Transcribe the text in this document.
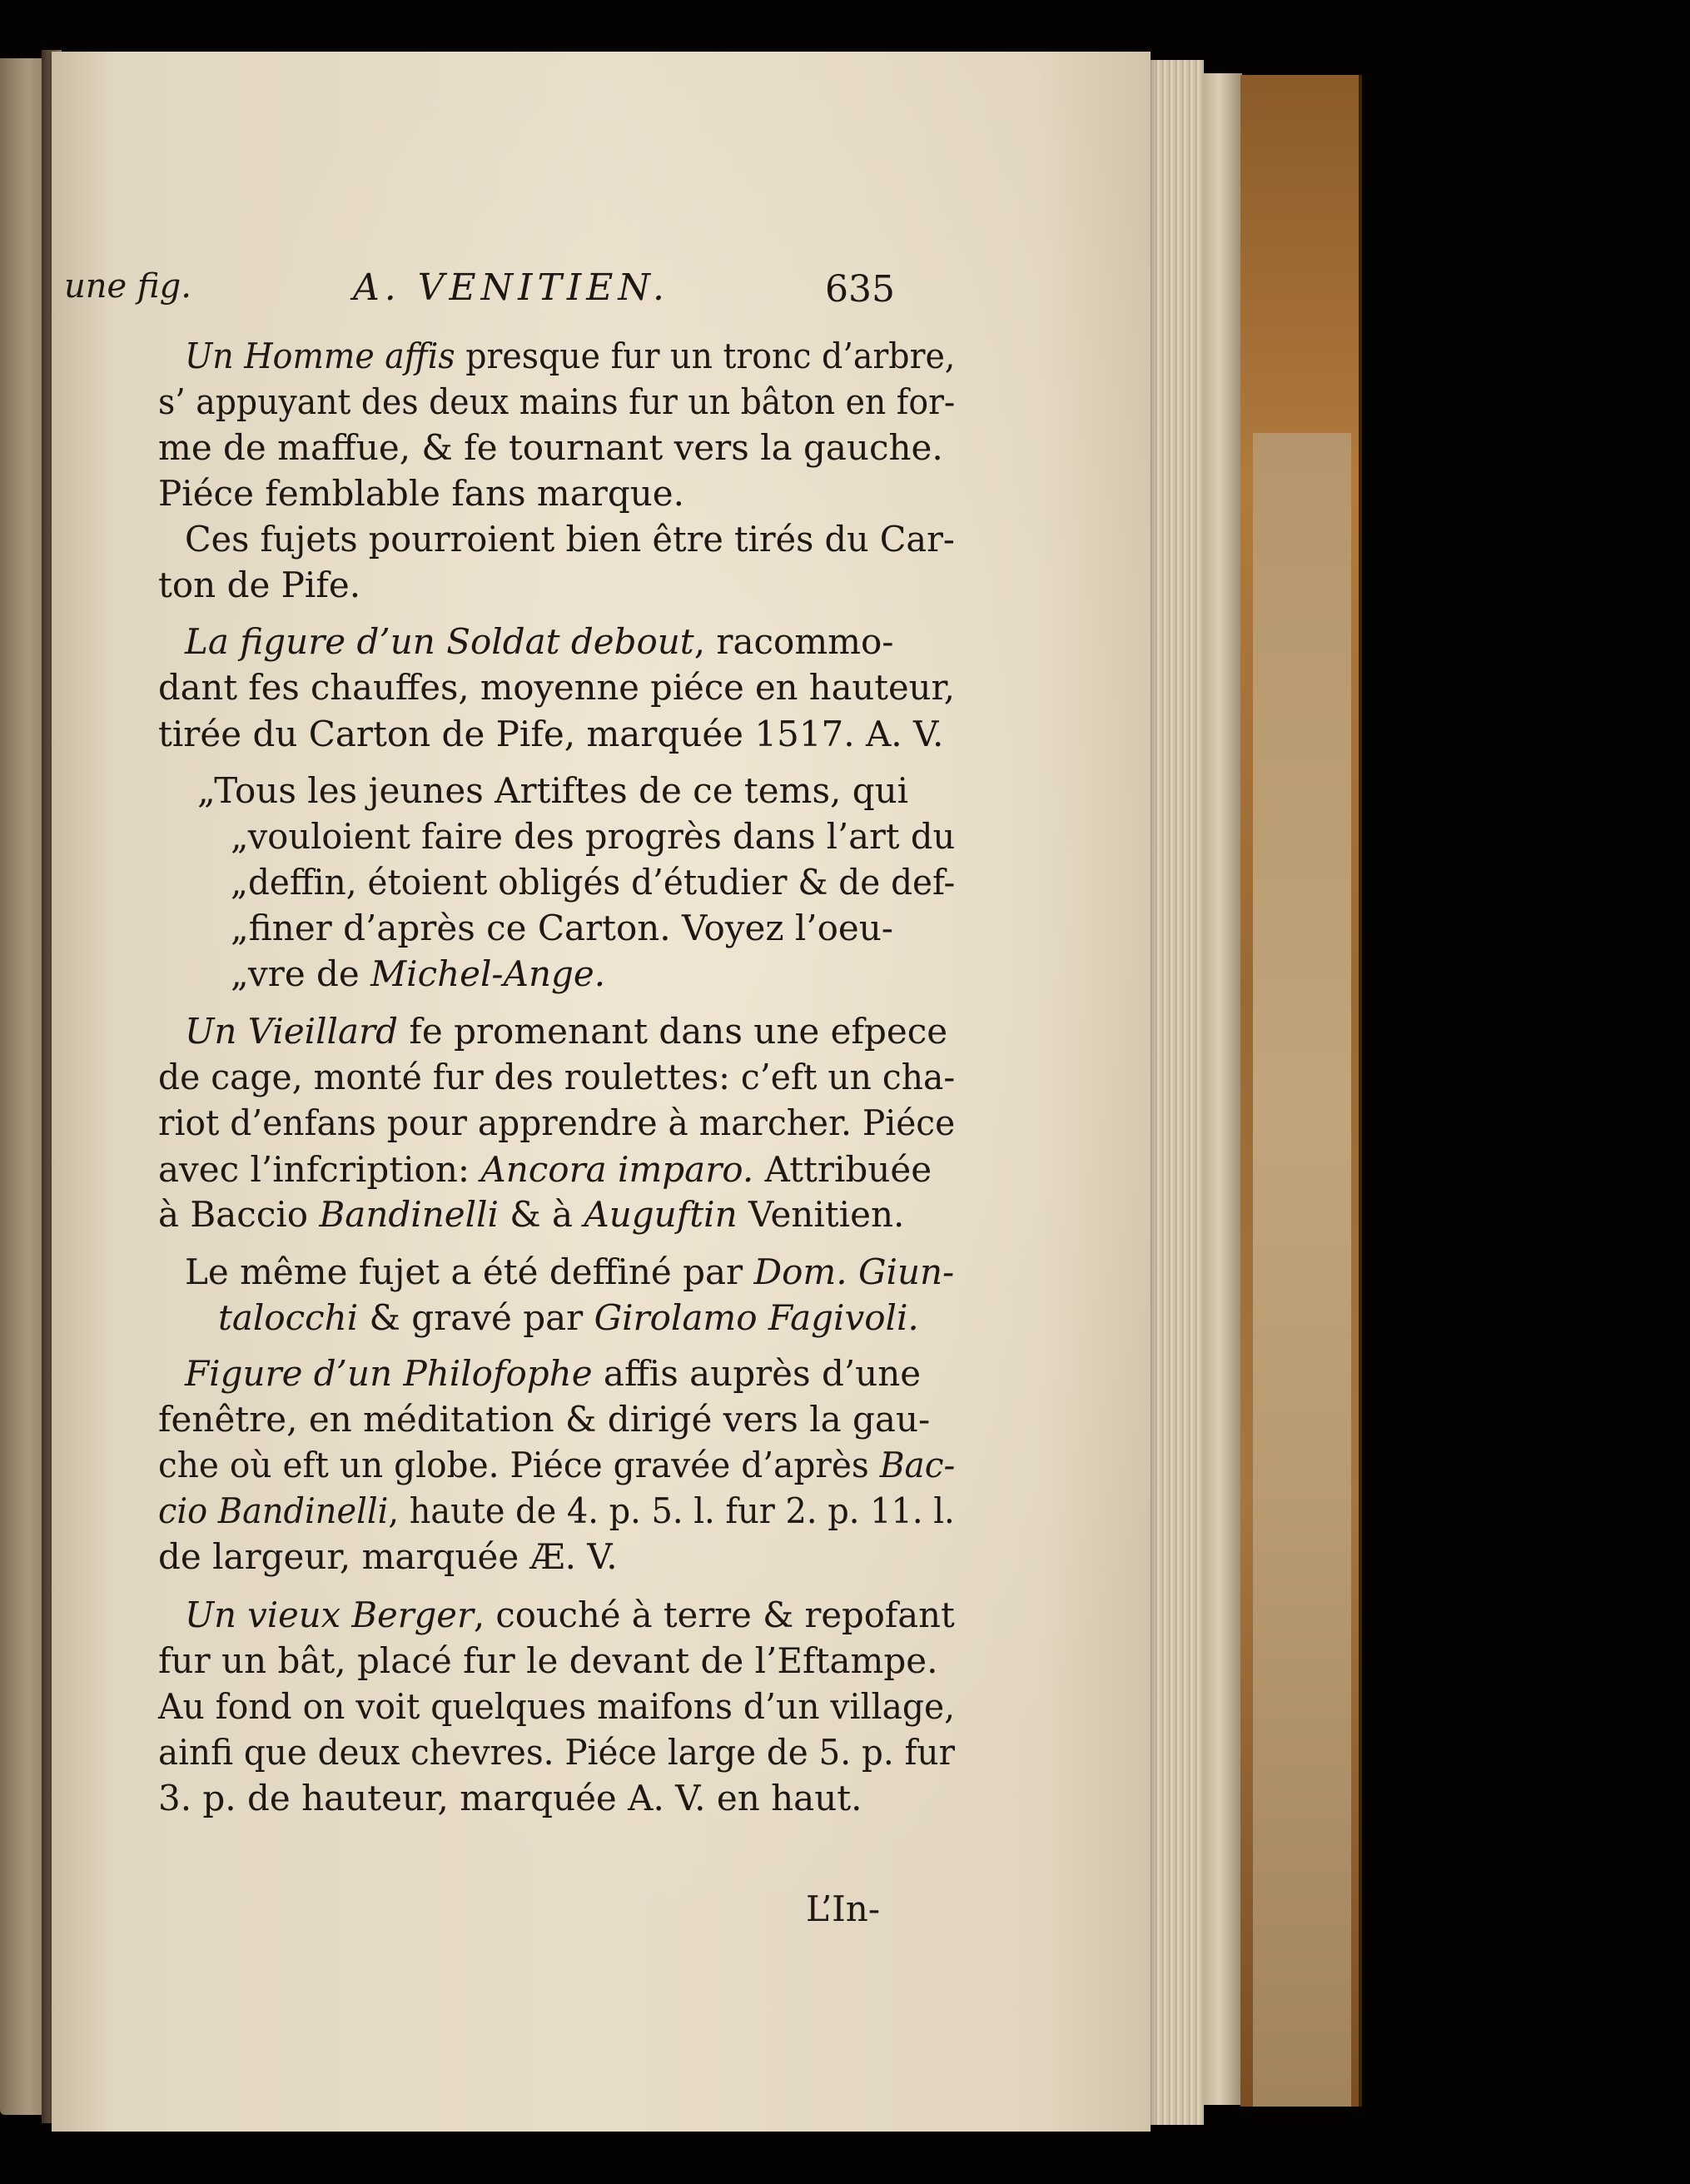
une fig.	A. VENITIEN.	635
Un Homme affis presque fur un tronc d’arbre,
s’ appuyant des deux mains fur un bâton en for-
me de maffue, & fe tournant vers la gauche.
Piéce femblable fans marque.
Ces fujets pourroient bien être tirés du Car-
ton de Pife.
La figure d’un Soldat debout, racommo-
dant fes chauffes, moyenne piéce en hauteur,
tirée du Carton de Pife, marquée 1517. A. V.
„Tous les jeunes Artiftes de ce tems, qui
„vouloient faire des progrès dans l’art du
„deffin, étoient obligés d’étudier & de def-
„finer d’après ce Carton. Voyez l’oeu-
„vre de Michel-Ange.
Un Vieillard fe promenant dans une efpece
de cage, monté fur des roulettes: c’eft un cha-
riot d’enfans pour apprendre à marcher. Piéce
avec l’infcription: Ancora imparo. Attribuée
à Baccio Bandinelli & à Auguftin Venitien.
Le même fujet a été deffiné par Dom. Giun-
talocchi & gravé par Girolamo Fagivoli.
Figure d’un Philofophe affis auprès d’une
fenêtre, en méditation & dirigé vers la gau-
che où eft un globe. Piéce gravée d’après Bac-
cio Bandinelli, haute de 4. p. 5. l. fur 2. p. 11. l.
de largeur, marquée Æ. V.
Un vieux Berger, couché à terre & repofant
fur un bât, placé fur le devant de l’Eftampe.
Au fond on voit quelques maifons d’un village,
ainfi que deux chevres. Piéce large de 5. p. fur
3. p. de hauteur, marquée A. V. en haut.
L’In-
